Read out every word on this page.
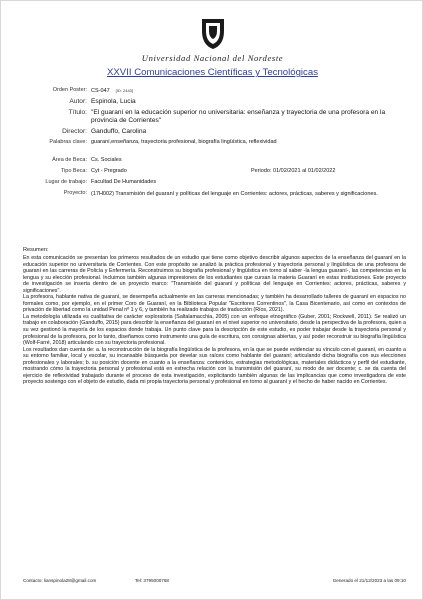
Universidad Nacional del Nordeste
XXVII Comunicaciones Científicas y Tecnológicas
Orden Poster: CS-047 [ID: 2443]
Autor: Espinola, Lucia
Título: "El guaraní en la educación superior no universitaria: enseñanza y trayectoria de una profesora en la provincia de Corrientes"
Director: Ganduffo, Carolina
Palabras clave: guaraní,enseñanza, trayectoria profesional, biografía lingüística, reflexividad
Área de Beca: Cs. Sociales
Tipo Beca: Cyt - Pregrado	Periodo: 01/02/2021 al 01/02/2022
Lugar de trabajo: Facultad De Humanidades
Proyecto: (17H002) Transmisión del guaraní y políticas del lenguaje en Corrientes: actores, prácticas, saberes y significaciones.
Resumen:

En esta comunicación se presentan los primeros resultados de un estudio que tiene como objetivo describir algunos aspectos de la enseñanza del guaraní en la educación superior no universitaria de Corrientes. Con este propósito se analizó la práctica profesional y trayectoria personal y lingüística de una profesora de guaraní en las carreras de Policía y Enfermería. Reconstruimos su biografía profesional y lingüística en torno al saber -la lengua guaraní-, las competencias en la lengua y su elección profesional. Incluimos también algunas impresiones de los estudiantes que cursan la materia Guaraní en estas instituciones. Este proyecto de investigación se inserta dentro de un proyecto marco: "Transmisión del guaraní y políticas del lenguaje en Corrientes: actores, prácticas, saberes y significaciones".

La profesora, hablante nativa de guaraní, se desempeña actualmente en las carreras mencionadas; y también ha desarrollado talleres de guaraní en espacios no formales como, por ejemplo, en el primer Coro de Guaraní, en la Biblioteca Popular "Escritores Correntinos", la Casa Bicentenario, así como en contextos de privación de libertad como la unidad Penal nº 1 y 6, y también ha realizado trabajos de traducción (Ríos, 2021).

La metodología utilizada es cualitativa de carácter exploratoria (Saltalamacchia, 2005) con un enfoque etnográfico (Guber, 2001; Rockwell, 2011). Se realizó un trabajo en colaboración (Ganduffo, 2015) para describir la enseñanza del guaraní en el nivel superior no universitario, desde la perspectiva de la profesora, quien a su vez gestionó la mayoría de los espacios donde trabaja. Un punto clave para la descripción de este estudio, es poder trabajar desde la trayectoria personal y profesional de la profesora, por lo tanto, diseñamos como instrumento una guía de escritura, con consignas abiertas, y así poder reconstruir su biografía lingüística (Wolf-Farré, 2018) articulando con su trayectoria profesional.

Los resultados dan cuenta de: a. la reconstrucción de la biografía lingüística de la profesora, en la que se puede evidenciar su vínculo con el guaraní, en cuanto a su entorno familiar, local y escolar, su incansable búsqueda por develar sus raíces como hablante del guaraní; articulando dicha biografía con sus elecciones profesionales y laborales; b. su posición docente en cuanto a la enseñanza: contenidos, estrategias metodológicas, materiales didácticos y perfil del estudiante, mostrando cómo la trayectoria personal y profesional está en estrecha relación con la transmisión del guaraní, su modo de ser docente; c. se da cuenta del ejercicio de reflexividad trabajado durante el proceso de esta investigación, explicitando también algunas de las implicancias que como investigadora de este proyecto sostengo con el objeto de estudio, dada mi propia trayectoria personal y profesional en torno al guaraní y el hecho de haber nacido en Corrientes.

Contacto: lianspinola28@gmail.com	Tel: 3795000768	Generado el 21/12/2023 a las 09:10
